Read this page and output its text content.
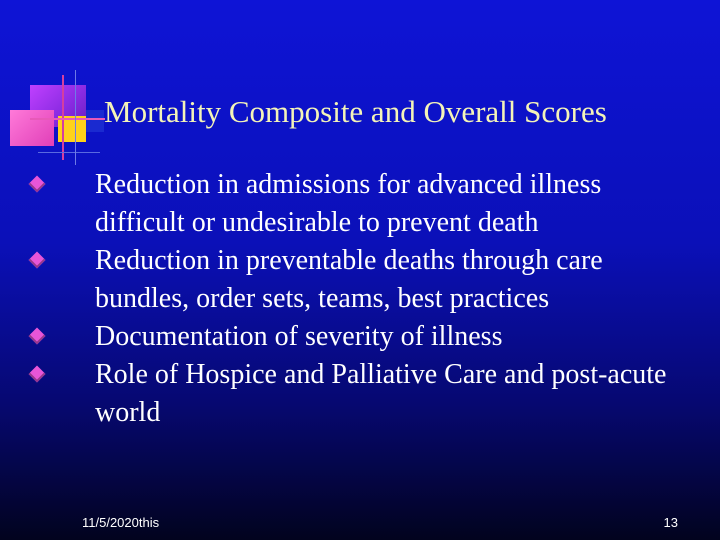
Mortality Composite and Overall Scores
Reduction in admissions for advanced illness difficult or undesirable to prevent death
Reduction in preventable deaths through care bundles, order sets, teams, best practices
Documentation of severity of illness
Role of Hospice and Palliative Care and post-acute world
11/5/2020this	13
